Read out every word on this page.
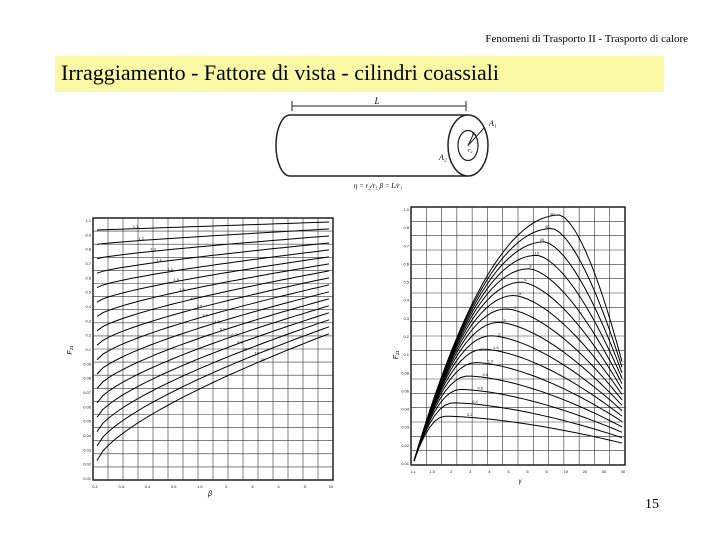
Fenomeni di Trasporto II - Trasporto di calore
Irraggiamento - Fattore di vista - cilindri coassiali
L
A₁
A₂
r₁
r₂
η = r₂/r₁ β = L/r₁
1.1
0.9
0.8
0.7
0.6
0.5
0.4
0.3
0.2
0.1
0.09
0.08
0.07
0.06
0.05
0.04
0.03
0.02
0.01
0.2	0.3	0.4	0.5	1.0	2	3	4	5	10
1.1
1.2
1.3
1.4
1.5
1.6
1.8
2.0
2.5
3.0
4.0
5.0
6.0
8.0
10
12
20
F₂₁
β
1.0
0.8
0.7
0.6
0.5
0.4
0.3
0.2
0.1
0.08
0.06
0.04
0.03
0.02
0.01
1.1	1.5	2	3	4	5	6	8	10	20	30	40
80
40
20
10
8
6
5
4
3
2
1.5
1.0
0.8
0.6
0.4
0.2
F₁₁
γ
15
